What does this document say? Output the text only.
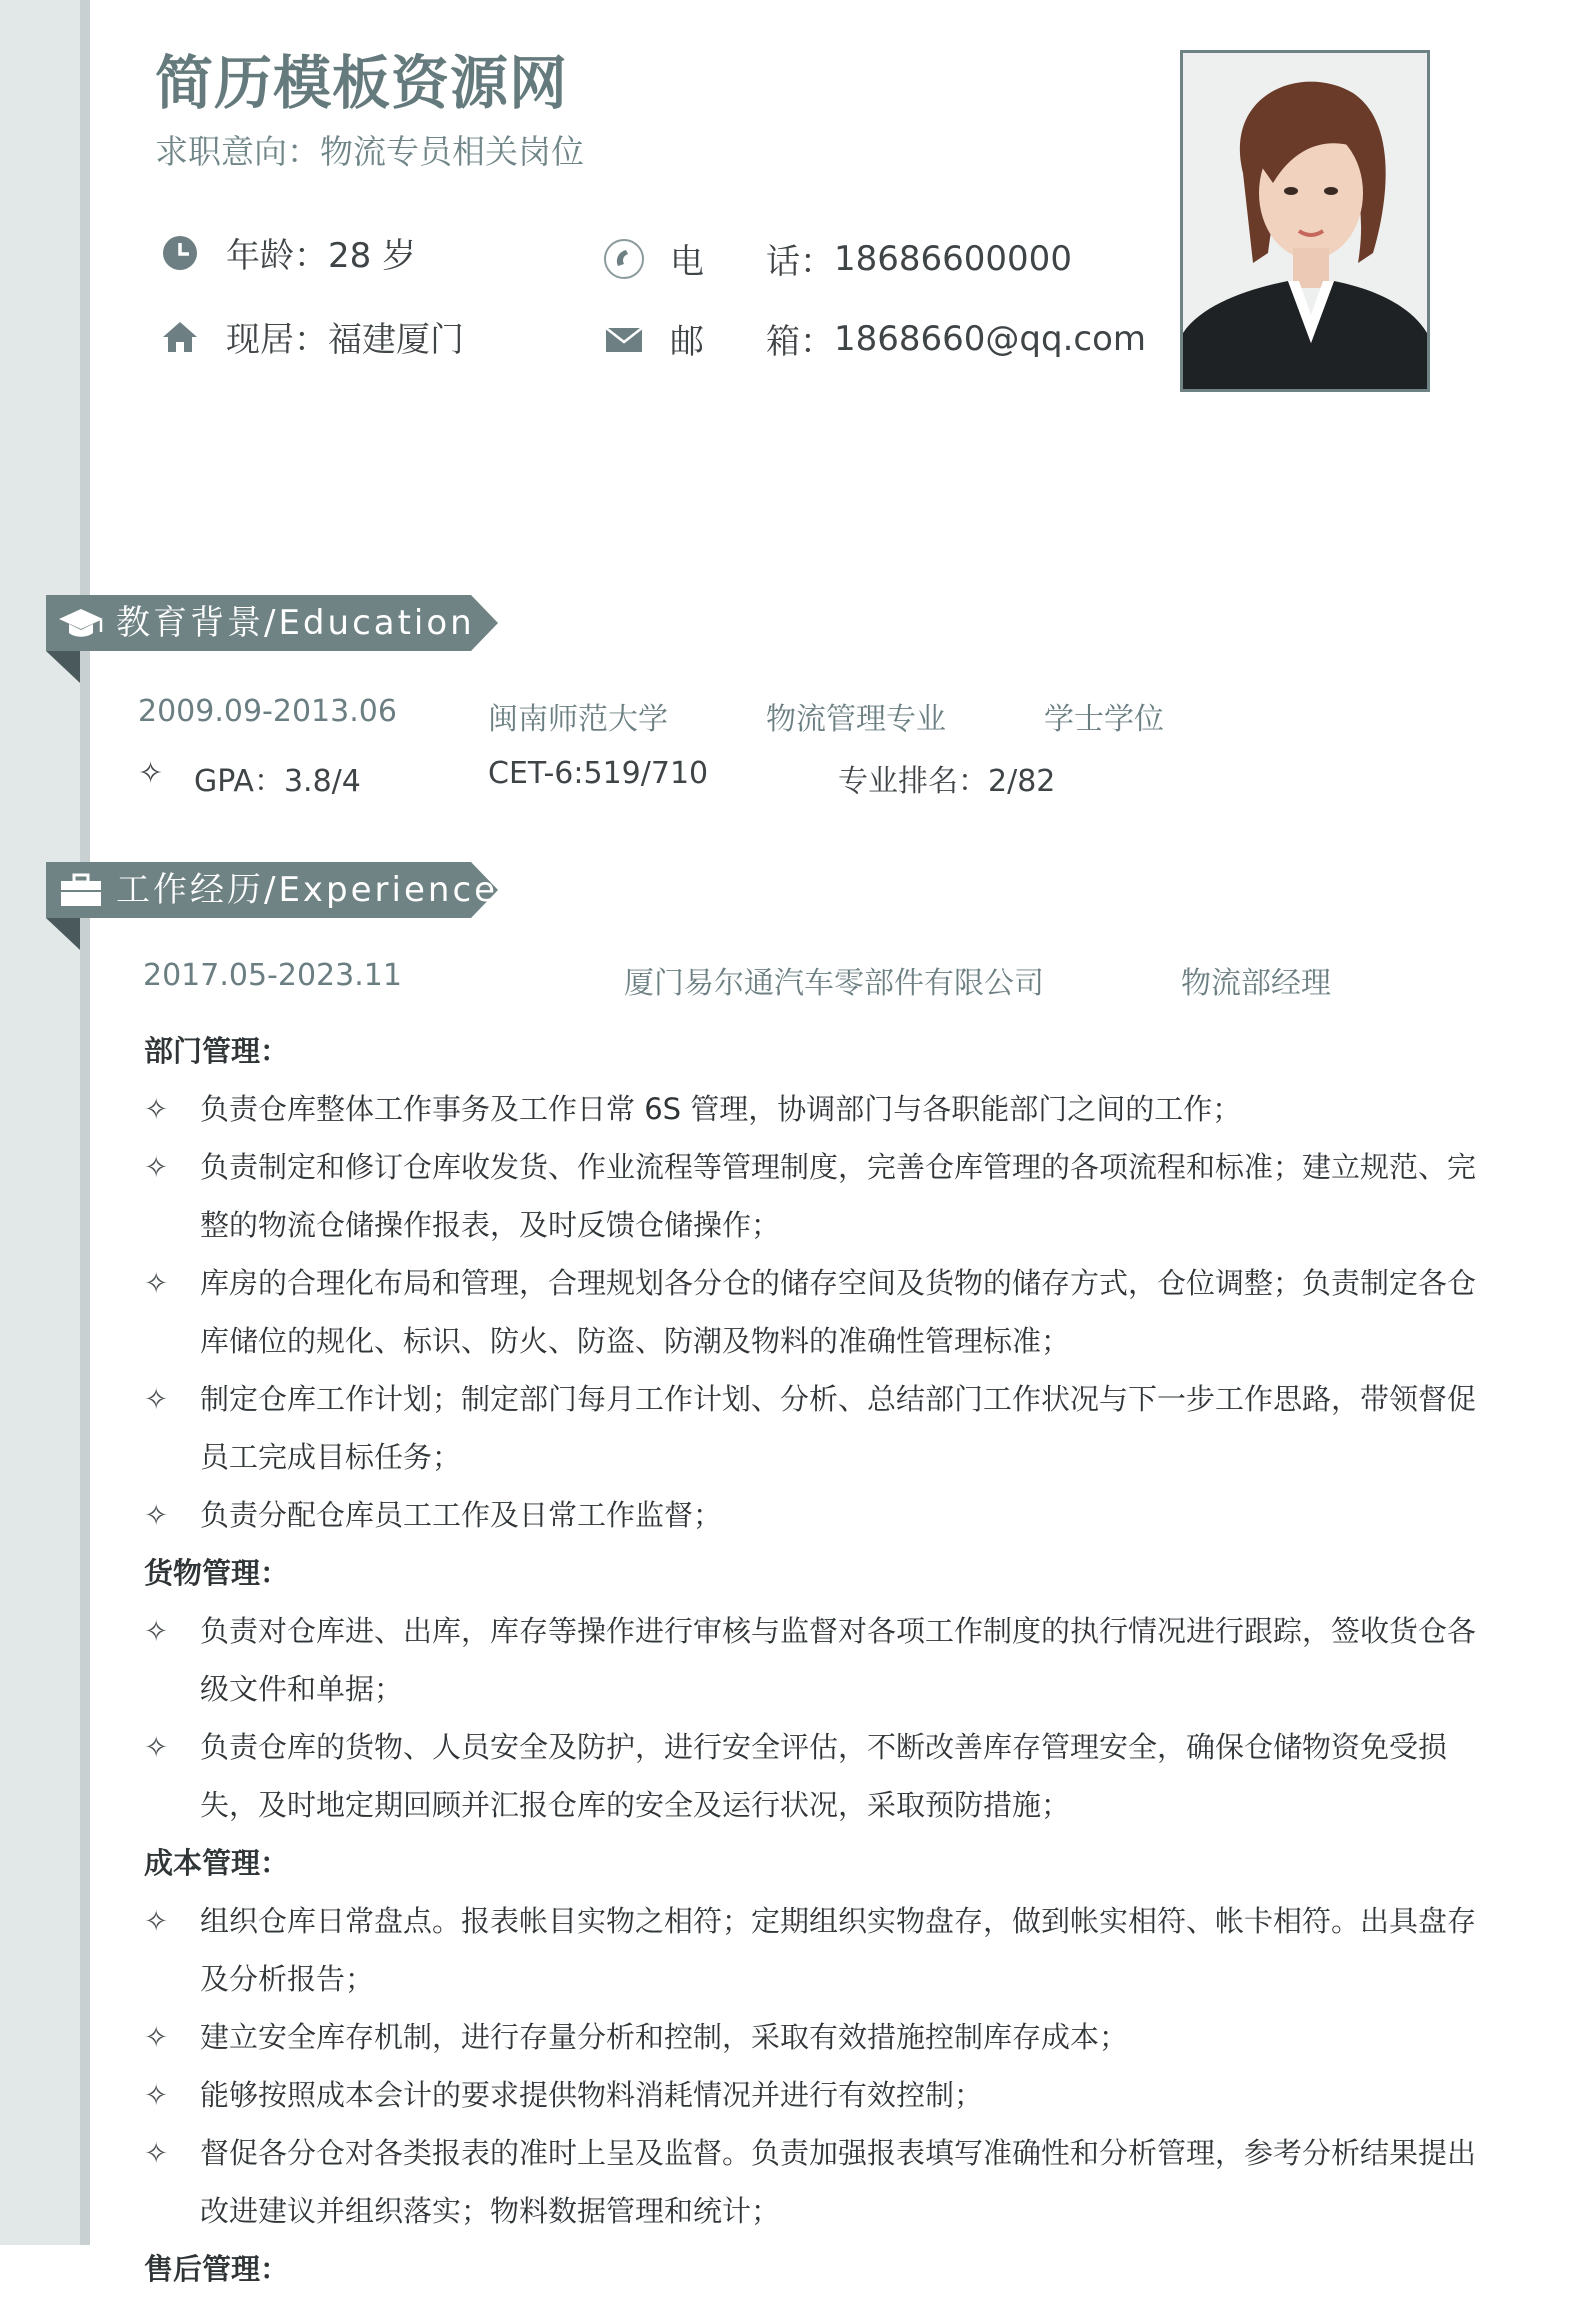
简历模板资源网
求职意向：物流专员相关岗位
年龄：28 岁
现居：福建厦门
电	话： 18686600000
邮	箱： 1868660@qq.com
教育背景/Education
2009.09-2013.06	闽南师范大学	物流管理专业	学士学位
✧ GPA：3.8/4	CET-6:519/710	专业排名：2/82
工作经历/Experience
2017.05-2023.11	厦门易尔通汽车零部件有限公司	物流部经理
部门管理：
✧ 负责仓库整体工作事务及工作日常 6S 管理，协调部门与各职能部门之间的工作；
✧ 负责制定和修订仓库收发货、作业流程等管理制度，完善仓库管理的各项流程和标准；建立规范、完整的物流仓储操作报表，及时反馈仓储操作；
✧ 库房的合理化布局和管理，合理规划各分仓的储存空间及货物的储存方式，仓位调整；负责制定各仓库储位的规化、标识、防火、防盗、防潮及物料的准确性管理标准；
✧ 制定仓库工作计划；制定部门每月工作计划、分析、总结部门工作状况与下一步工作思路，带领督促员工完成目标任务；
✧ 负责分配仓库员工工作及日常工作监督；
货物管理：
✧ 负责对仓库进、出库，库存等操作进行审核与监督对各项工作制度的执行情况进行跟踪，签收货仓各级文件和单据；
✧ 负责仓库的货物、人员安全及防护，进行安全评估，不断改善库存管理安全，确保仓储物资免受损失，及时地定期回顾并汇报仓库的安全及运行状况，采取预防措施；
成本管理：
✧ 组织仓库日常盘点。报表帐目实物之相符；定期组织实物盘存，做到帐实相符、帐卡相符。出具盘存及分析报告；
✧ 建立安全库存机制，进行存量分析和控制，采取有效措施控制库存成本；
✧ 能够按照成本会计的要求提供物料消耗情况并进行有效控制；
✧ 督促各分仓对各类报表的准时上呈及监督。负责加强报表填写准确性和分析管理，参考分析结果提出改进建议并组织落实；物料数据管理和统计；
售后管理：
